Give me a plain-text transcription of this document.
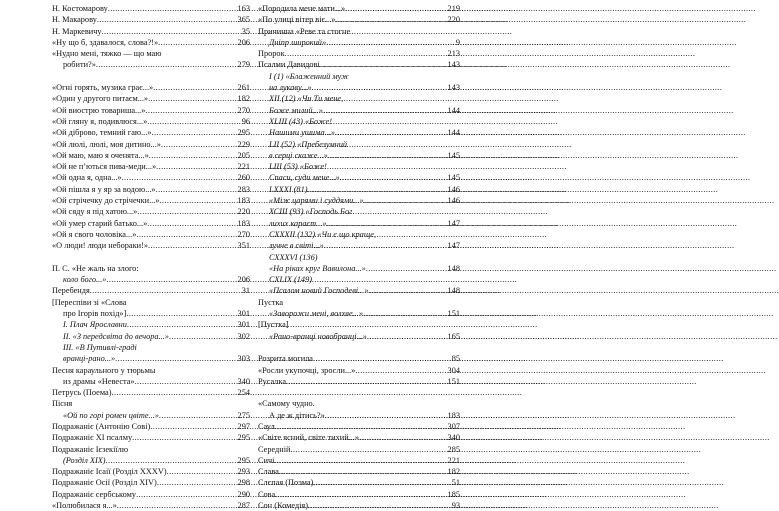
Н. Костомарову .....	163
Н. Макарову .....	365
Н. Маркевичу .....	35
«Ну що б, здавалося, слова?!» .....	206
«Нудно мені, тяжко — що маю
робити?» .....	279
«Огні горять, музика грає...» .....	261
«Один у другого питаєм...» .....	182
«Ой виострю товариша...» .....	270
«Ой гляну я, подивлюся...» .....	96
«Ой діброво, темний гаю...» .....	295
«Ой люлі, люлі, моя дитино...» .....	229
«Ой маю, маю я оченята...» .....	205
«Ой не п’ються пива-меди...» .....	221
«Ой одна я, одна...» .....	260
«Ой пішла я у яр за водою...» .....	283
«Ой стрічечку до стрічечки...» .....	183
«Ой сяду я під хатою...» .....	220
«Ой умер старий батько...» .....	183
«Ой я свого чоловіка...» .....	270
«О люди! люди небораки!» .....	351
П. С. «Не жаль на злого:
коло бого...» .....	206
Перебендя .....	31
[Переспіви зі «Слова
про Ігорів похід»] .....	301
І. Плач Ярославни .....	301
ІІ. «З передсвіта до вечора...» .....	302
ІІІ. «В Путивлі-граді
вранці-рано...» .....	303
Песня караульного у тюрьмы
из драмы «Невеста» .....	340
Петрусь (Поема) .....	254
Пісня
«Ой по горі ромен цвіте...» .....	275
Подражаніє (Антонію Сові) .....	297
Подражаніє ХІ псалму .....	295
Подражаніє Ієзекіїлю
(Розділ ХІХ) .....	295
Подражаніє Ісаії (Розділ ХХХV) .....	293
Подражаніє Осії (Розділ XIV) .....	298
Подражаніє сербському .....	290
«Полюбилася я...» .....	287
«Породила мене мати...» .....	219
«По улиці вітер віє...» .....	220
Причинна «Реве та стогне
Дніпр широкий» .....	9
Пророк .....	213
Псалми Давидові .....	143
І (1) «Блаженний муж
на лукаву...» .....	143
ХІІ (12) «Чи Ти мене,
Боже милий...» .....	144
ХLІІІ (43) «Боже!
Нашими ушима...» .....	144
LІІ (52) «Пребезумний
в серці скаже...» .....	145
LІІІ (53) «Боже!
Спаси, суди мене...» .....	145
LХХХІ (81) .....	146
«Між царями і суддями...» .....	146
ХСІІІ (93) «Господь Бог
лихих караєт...» .....	147
СХХХІІ (132) «Чи є що краще,
лучче в світі...» .....	147
СХХХVІ (136)
«На ріках круг Вавилона...» .....	148
СХLІХ (149)
«Псалом новий Господеві...» .....	148
Пустка
«Заворожи мені, волхве...» .....	151
[Пустка]
«Рано-вранці новобранці...» .....	165
Розрита могила .....	85
«Росли укупочці, зросли...» .....	304
Русалка .....	151
«Самому чудно.
А де ж дітись?» .....	183
Саул .....	307
«Світе ясний, світе тихий...» .....	340
Середній .....	285
Сичі .....	221
Слава .....	182
Слєпая (Поэма) .....	51
Сова .....	185
Сон (Комедія) .....	93
